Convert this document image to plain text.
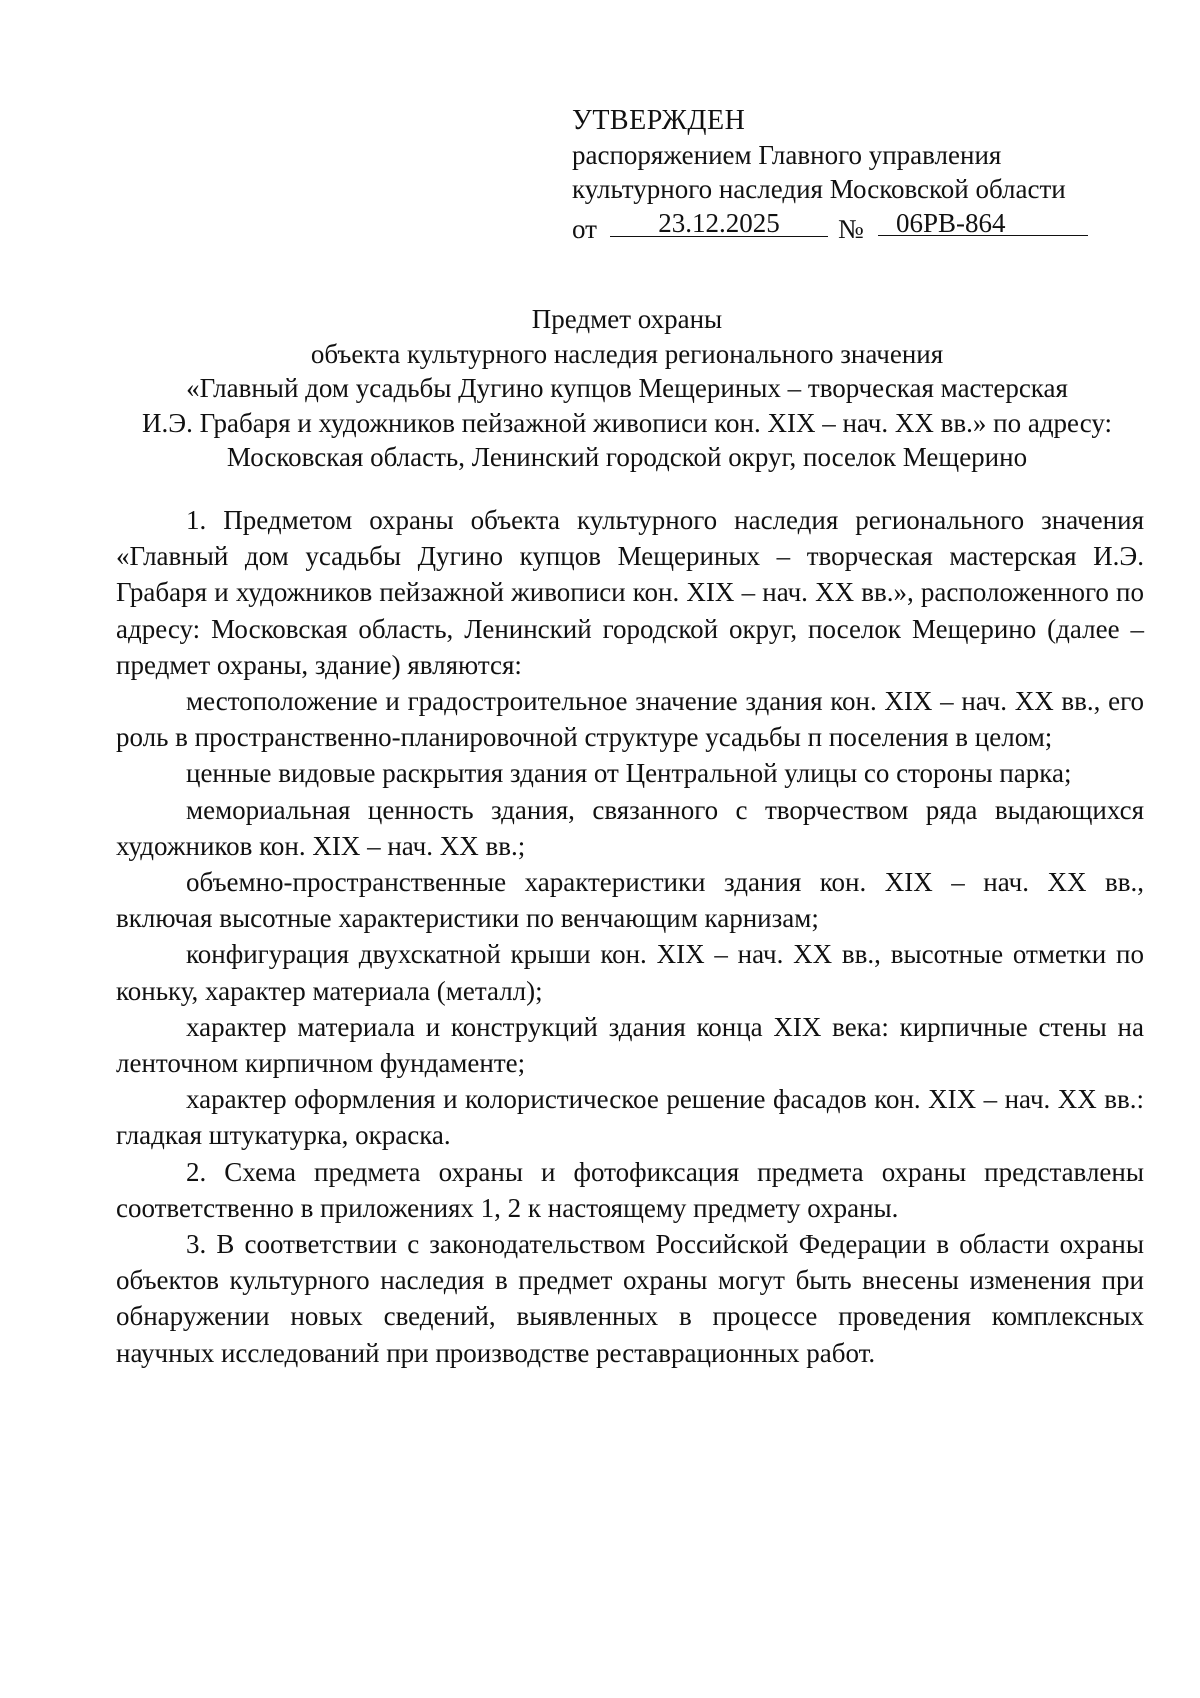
УТВЕРЖДЕН
распоряжением Главного управления
культурного наследия Московской области
от	23.12.2025	№	06РВ-864
Предмет охраны
объекта культурного наследия регионального значения
«Главный дом усадьбы Дугино купцов Мещериных – творческая мастерская
И.Э. Грабаря и художников пейзажной живописи кон. XIX – нач. XX вв.» по адресу:
Московская область, Ленинский городской округ, поселок Мещерино

1. Предметом охраны объекта культурного наследия регионального значения «Главный дом усадьбы Дугино купцов Мещериных – творческая мастерская И.Э. Грабаря и художников пейзажной живописи кон. XIX – нач. XX вв.», расположенного по адресу: Московская область, Ленинский городской округ, поселок Мещерино (далее – предмет охраны, здание) являются:

местоположение и градостроительное значение здания кон. XIX – нач. XX вв., его роль в пространственно-планировочной структуре усадьбы п поселения в целом;

ценные видовые раскрытия здания от Центральной улицы со стороны парка;

мемориальная ценность здания, связанного с творчеством ряда выдающихся художников кон. XIX – нач. XX вв.;

объемно-пространственные характеристики здания кон. XIX – нач. XX вв., включая высотные характеристики по венчающим карнизам;

конфигурация двухскатной крыши кон. XIX – нач. XX вв., высотные отметки по коньку, характер материала (металл);

характер материала и конструкций здания конца XIX века: кирпичные стены на ленточном кирпичном фундаменте;

характер оформления и колористическое решение фасадов кон. XIX – нач. XX вв.: гладкая штукатурка, окраска.

2. Схема предмета охраны и фотофиксация предмета охраны представлены соответственно в приложениях 1, 2 к настоящему предмету охраны.

3. В соответствии с законодательством Российской Федерации в области охраны объектов культурного наследия в предмет охраны могут быть внесены изменения при обнаружении новых сведений, выявленных в процессе проведения комплексных научных исследований при производстве реставрационных работ.
